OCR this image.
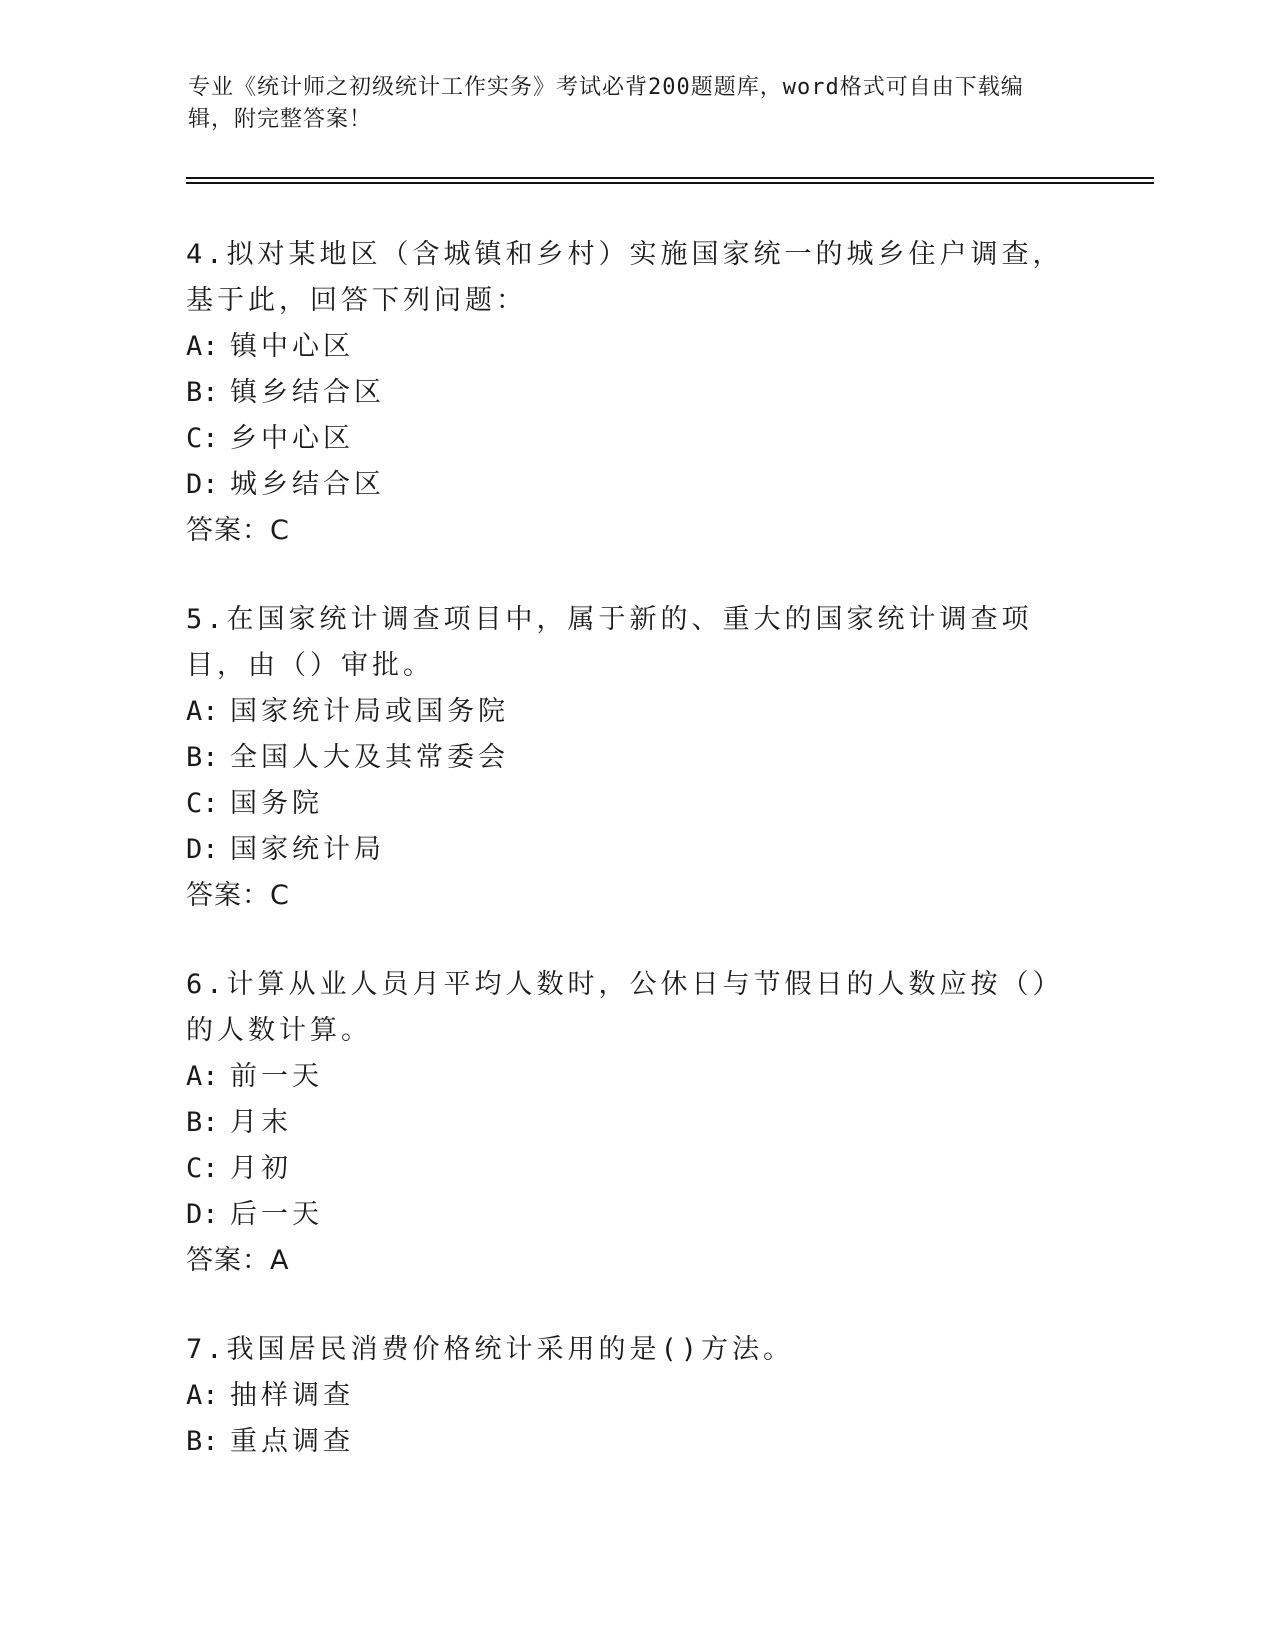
专业《统计师之初级统计工作实务》考试必背200题题库，word格式可自由下载编辑，附完整答案！

4.拟对某地区（含城镇和乡村）实施国家统一的城乡住户调查，基于此，回答下列问题：

A: 镇中心区

B: 镇乡结合区

C: 乡中心区

D: 城乡结合区

答案：C

5.在国家统计调查项目中，属于新的、重大的国家统计调查项目，由（）审批。

A: 国家统计局或国务院

B: 全国人大及其常委会

C: 国务院

D: 国家统计局

答案：C

6.计算从业人员月平均人数时，公休日与节假日的人数应按（）的人数计算。

A: 前一天

B: 月末

C: 月初

D: 后一天

答案：A

7.我国居民消费价格统计采用的是()方法。

A: 抽样调查

B: 重点调查
